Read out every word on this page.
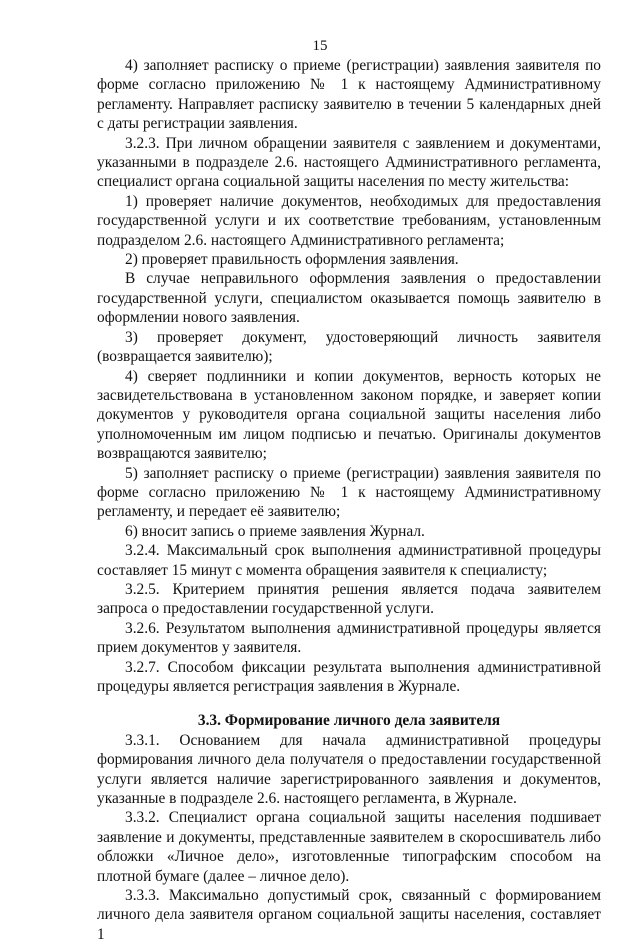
15

4) заполняет расписку о приеме (регистрации) заявления заявителя по форме согласно приложению № 1 к настоящему Административному регламенту. Направляет расписку заявителю в течении 5 календарных дней с даты регистрации заявления.

3.2.3. При личном обращении заявителя с заявлением и документами, указанными в подразделе 2.6. настоящего Административного регламента, специалист органа социальной защиты населения по месту жительства:

1) проверяет наличие документов, необходимых для предоставления государственной услуги и их соответствие требованиям, установленным подразделом 2.6. настоящего Административного регламента;

2) проверяет правильность оформления заявления.

В случае неправильного оформления заявления о предоставлении государственной услуги, специалистом оказывается помощь заявителю в оформлении нового заявления.

3) проверяет документ, удостоверяющий личность заявителя (возвращается заявителю);

4) сверяет подлинники и копии документов, верность которых не засвидетельствована в установленном законом порядке, и заверяет копии документов у руководителя органа социальной защиты населения либо уполномоченным им лицом подписью и печатью. Оригиналы документов возвращаются заявителю;

5) заполняет расписку о приеме (регистрации) заявления заявителя по форме согласно приложению № 1 к настоящему Административному регламенту, и передает её заявителю;

6) вносит запись о приеме заявления Журнал.

3.2.4. Максимальный срок выполнения административной процедуры составляет 15 минут с момента обращения заявителя к специалисту;

3.2.5. Критерием принятия решения является подача заявителем запроса о предоставлении государственной услуги.

3.2.6. Результатом выполнения административной процедуры является прием документов у заявителя.

3.2.7. Способом фиксации результата выполнения административной процедуры является регистрация заявления в Журнале.

3.3. Формирование личного дела заявителя

3.3.1. Основанием для начала административной процедуры формирования личного дела получателя о предоставлении государственной услуги является наличие зарегистрированного заявления и документов, указанные в подразделе 2.6. настоящего регламента, в Журнале.

3.3.2. Специалист органа социальной защиты населения подшивает заявление и документы, представленные заявителем в скоросшиватель либо обложки «Личное дело», изготовленные типографским способом на плотной бумаге (далее – личное дело).

3.3.3. Максимально допустимый срок, связанный с формированием личного дела заявителя органом социальной защиты населения, составляет 1
